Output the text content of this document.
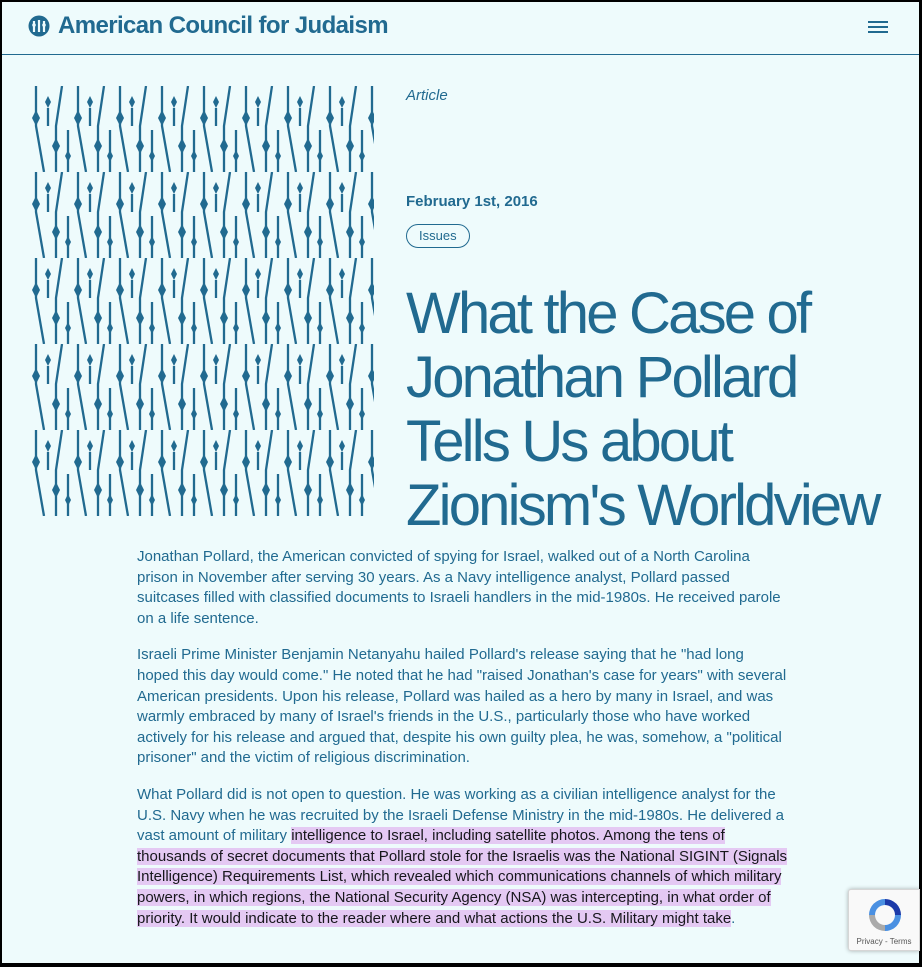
American Council for Judaism
Article
February 1st, 2016
Issues
What the Case of Jonathan Pollard Tells Us about Zionism's Worldview

Jonathan Pollard, the American convicted of spying for Israel, walked out of a North Carolina prison in November after serving 30 years. As a Navy intelligence analyst, Pollard passed suitcases filled with classified documents to Israeli handlers in the mid-1980s. He received parole on a life sentence.

Israeli Prime Minister Benjamin Netanyahu hailed Pollard's release saying that he "had long hoped this day would come." He noted that he had "raised Jonathan's case for years" with several American presidents. Upon his release, Pollard was hailed as a hero by many in Israel, and was warmly embraced by many of Israel's friends in the U.S., particularly those who have worked actively for his release and argued that, despite his own guilty plea, he was, somehow, a "political prisoner" and the victim of religious discrimination.

What Pollard did is not open to question. He was working as a civilian intelligence analyst for the U.S. Navy when he was recruited by the Israeli Defense Ministry in the mid-1980s. He delivered a vast amount of military intelligence to Israel, including satellite photos. Among the tens of thousands of secret documents that Pollard stole for the Israelis was the National SIGINT (Signals Intelligence) Requirements List, which revealed which communications channels of which military powers, in which regions, the National Security Agency (NSA) was intercepting, in what order of priority. It would indicate to the reader where and what actions the U.S. Military might take.

Privacy - Terms
